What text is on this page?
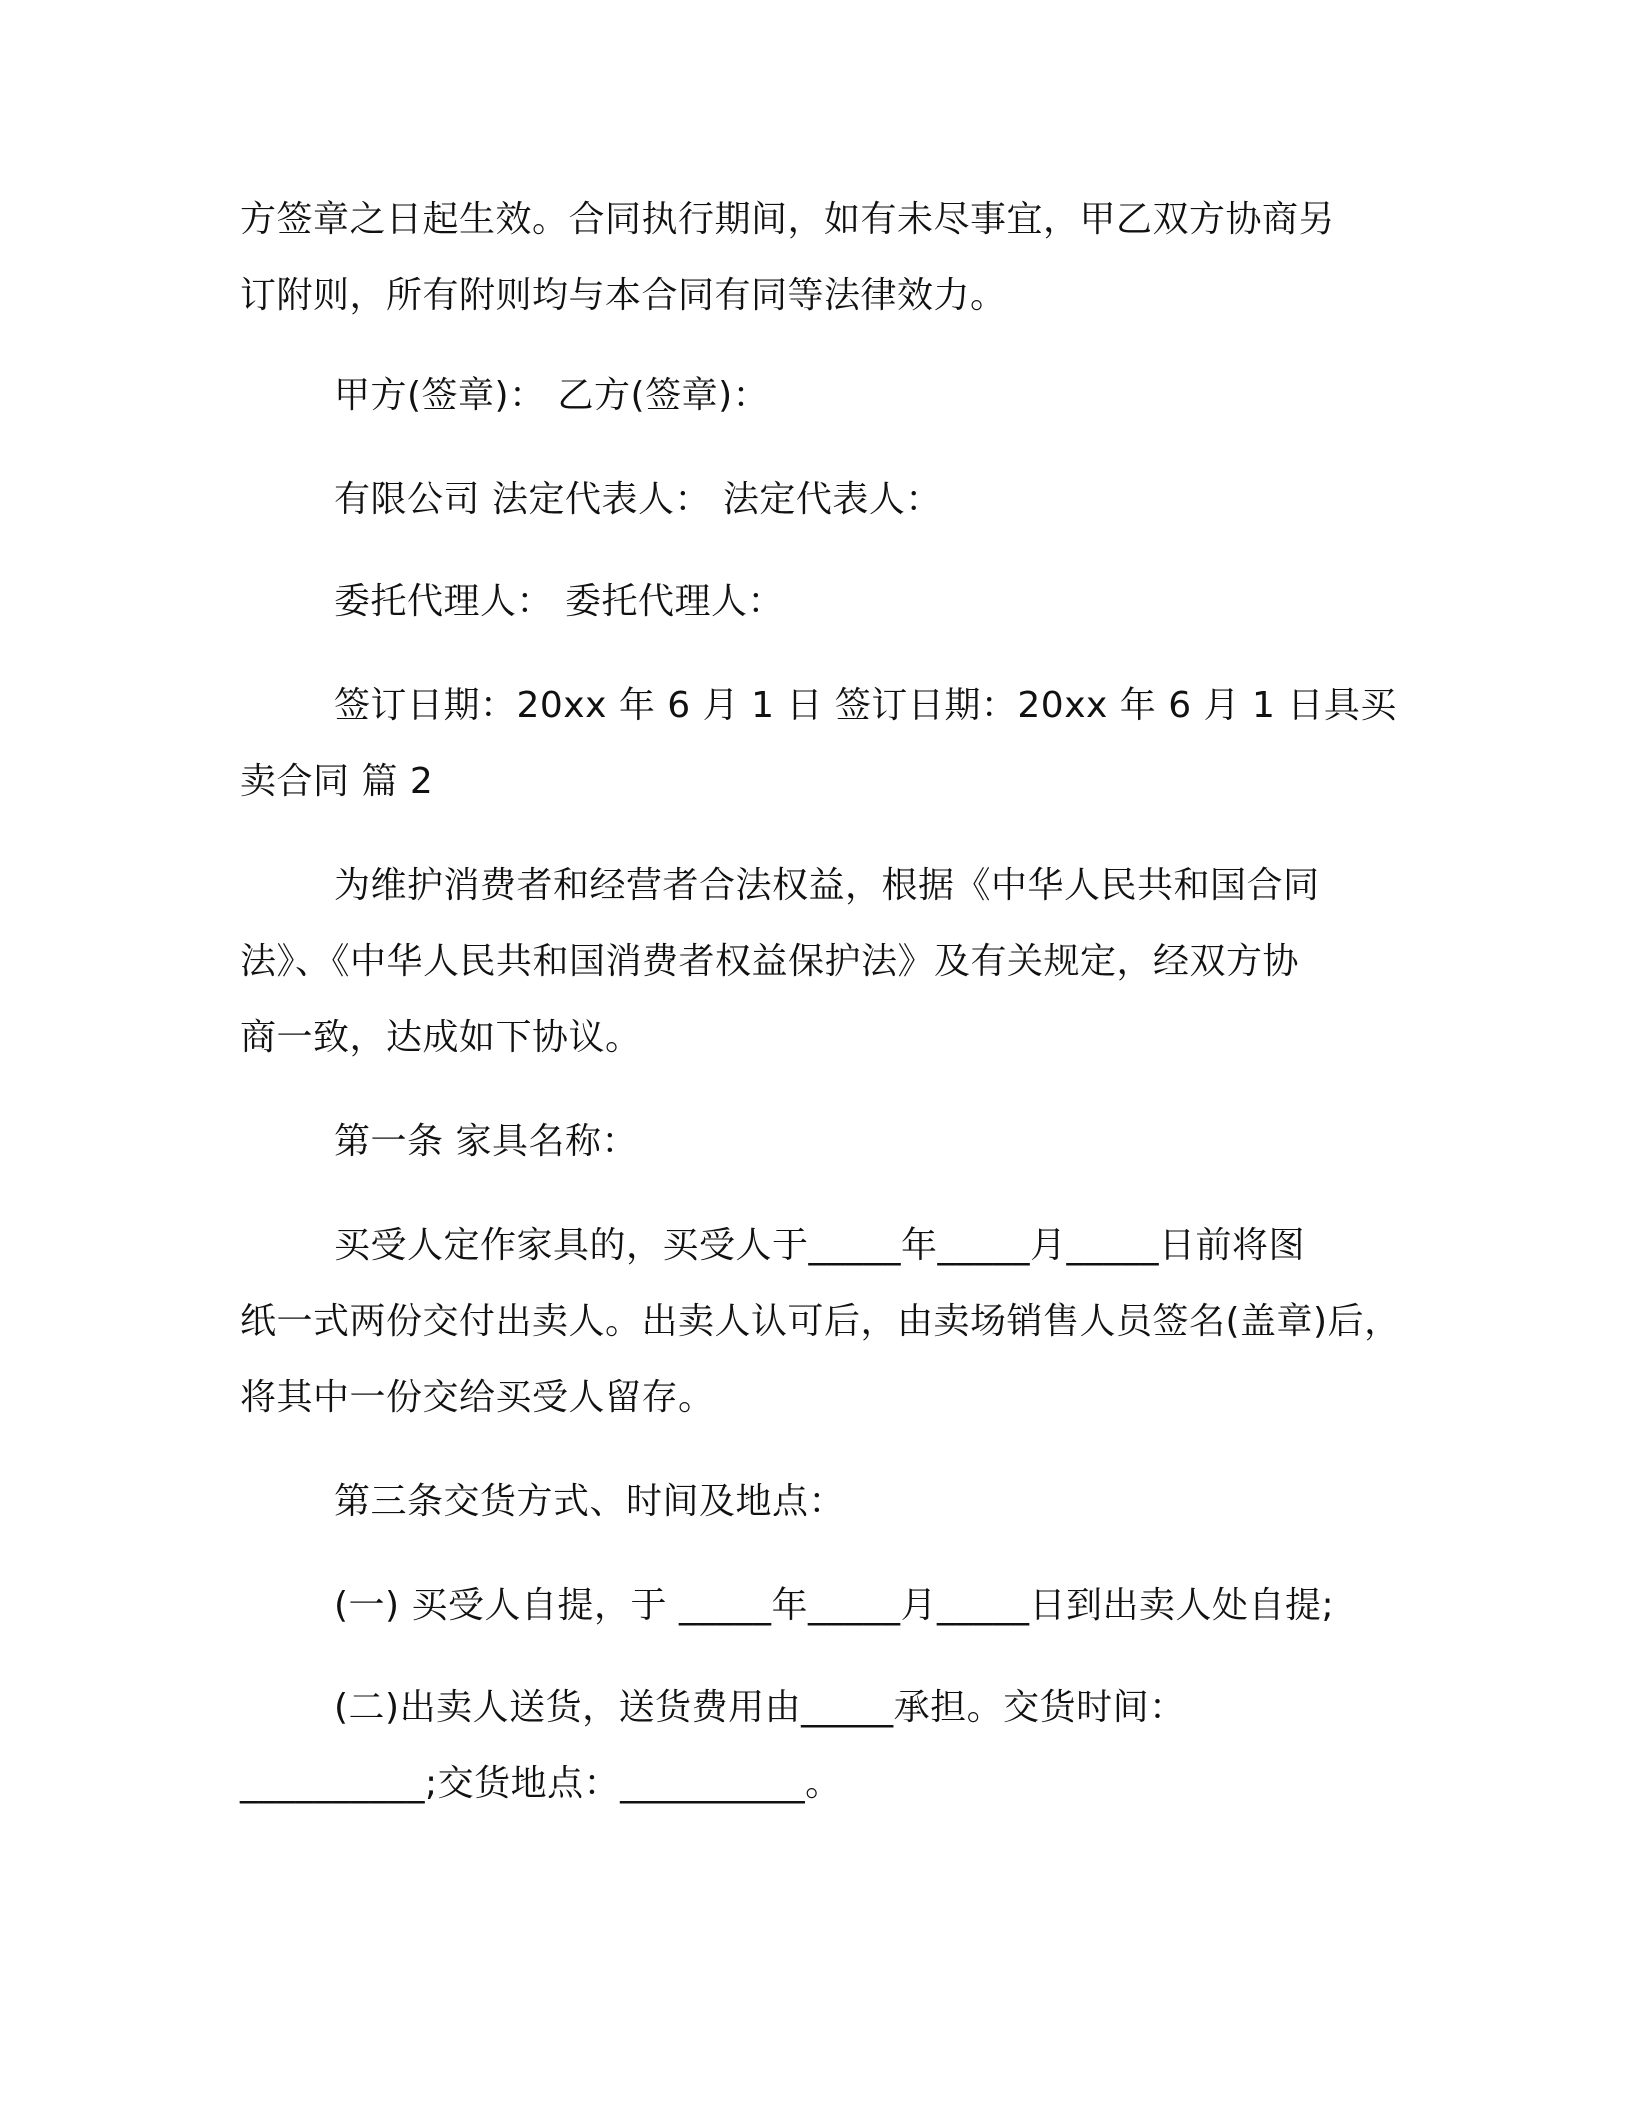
方签章之日起生效。合同执行期间，如有未尽事宜，甲乙双方协商另
订附则，所有附则均与本合同有同等法律效力。
甲方(签章)： 乙方(签章)：
有限公司 法定代表人： 法定代表人：
委托代理人： 委托代理人：
签订日期：20xx 年 6 月 1 日 签订日期：20xx 年 6 月 1 日具买
卖合同 篇 2
为维护消费者和经营者合法权益，根据《中华人民共和国合同
法》、《中华人民共和国消费者权益保护法》及有关规定，经双方协
商一致，达成如下协议。
第一条 家具名称：
买受人定作家具的，买受人于_____年_____月_____日前将图
纸一式两份交付出卖人。出卖人认可后，由卖场销售人员签名(盖章)后，
将其中一份交给买受人留存。
第三条交货方式、时间及地点：
(一) 买受人自提，于 _____年_____月_____日到出卖人处自提;
(二)出卖人送货，送货费用由_____承担。交货时间：
__________;交货地点：__________。
